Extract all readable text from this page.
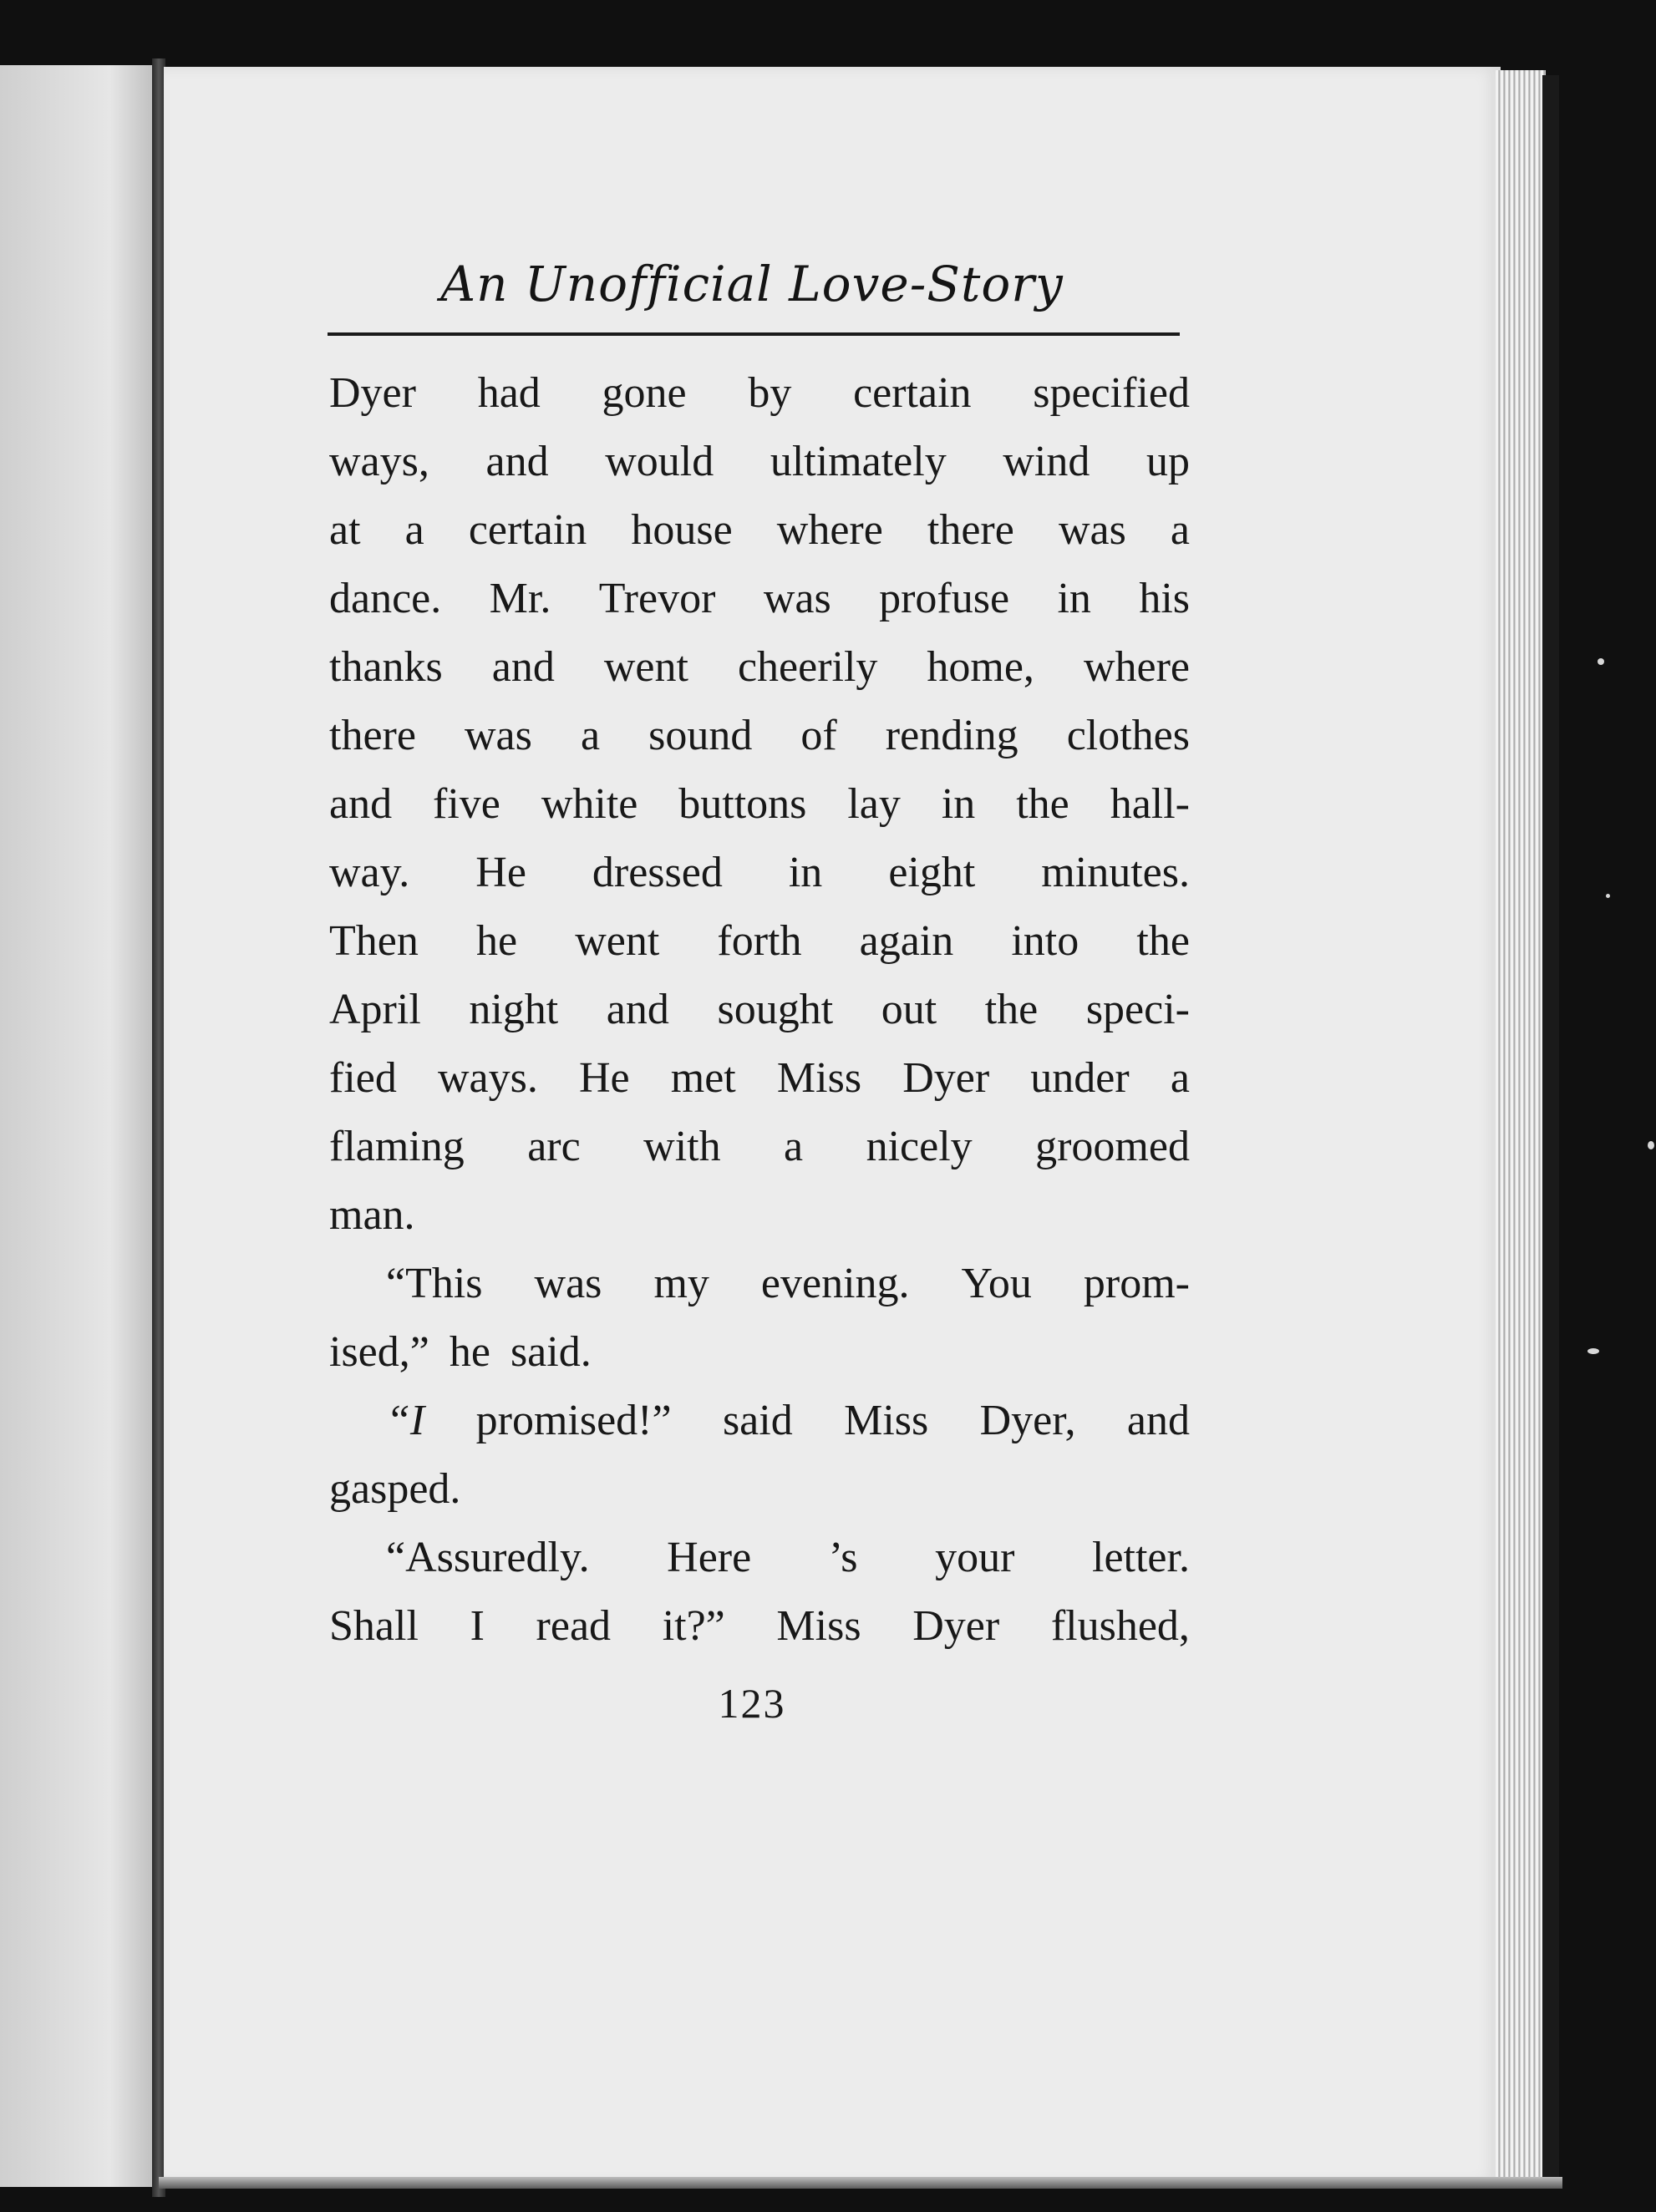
An Unofficial Love-Story
Dyer had gone by certain specified
ways, and would ultimately wind up
at a certain house where there was a
dance. Mr. Trevor was profuse in his
thanks and went cheerily home, where
there was a sound of rending clothes
and five white buttons lay in the hall-
way. He dressed in eight minutes.
Then he went forth again into the
April night and sought out the speci-
fied ways. He met Miss Dyer under a
flaming arc with a nicely groomed
man.
“This was my evening. You prom-
ised,” he said.
“I promised!” said Miss Dyer, and
gasped.
“Assuredly. Here ’s your letter.
Shall I read it?” Miss Dyer flushed,
123
